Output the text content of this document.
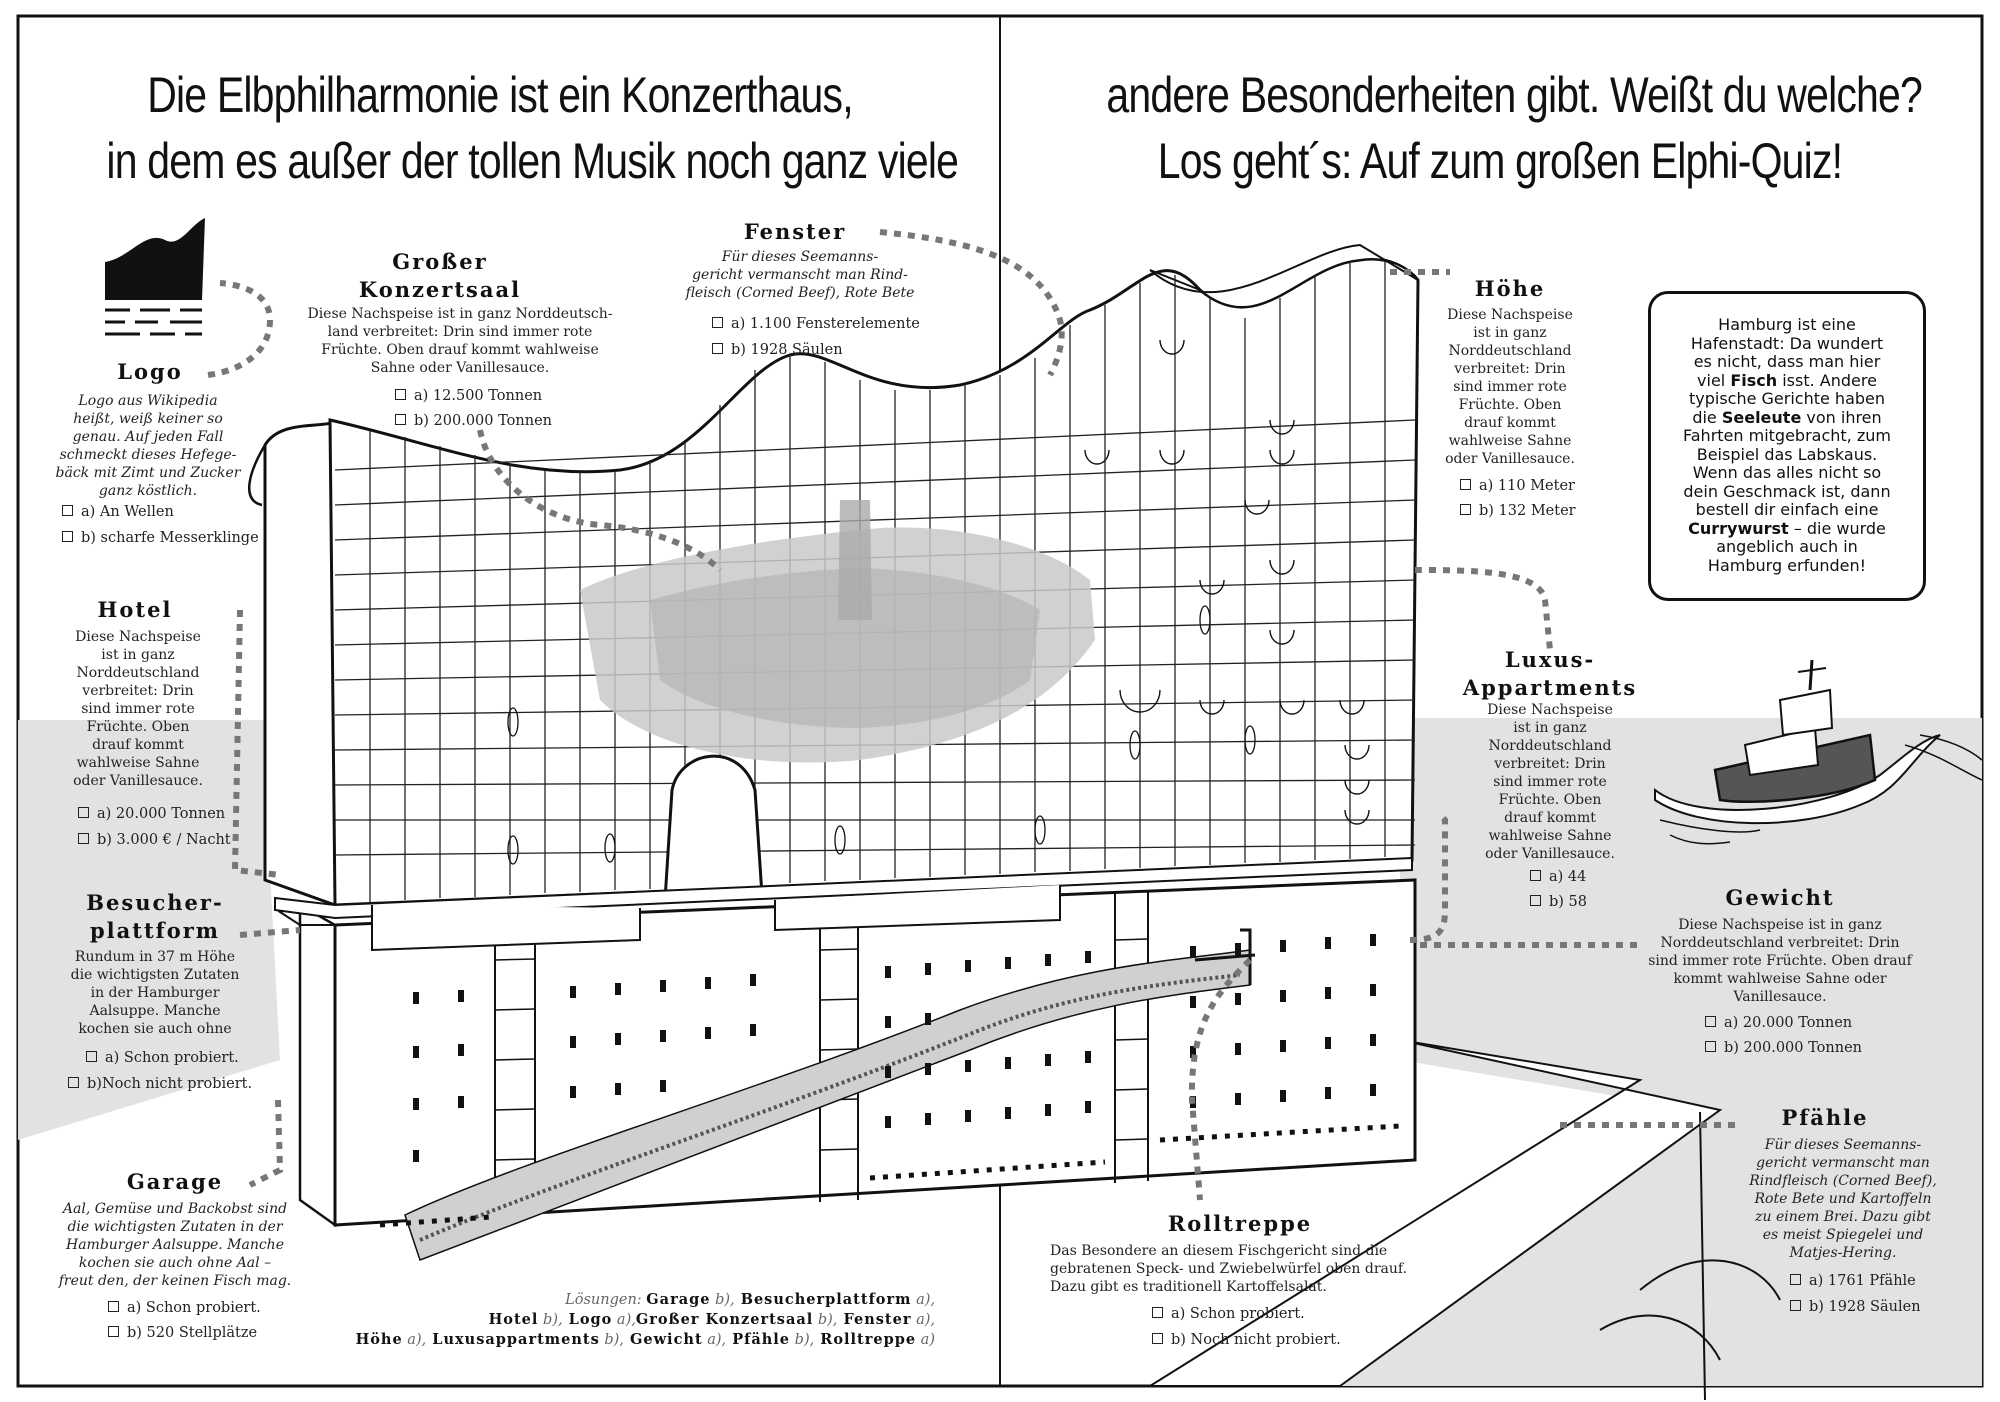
Die Elbphilharmonie ist ein Konzerthaus,
in dem es außer der tollen Musik noch ganz viele
andere Besonderheiten gibt. Weißt du welche?
Los geht´s: Auf zum großen Elphi-Quiz!
Logo
Logo aus Wikipedia
heißt, weiß keiner so
genau. Auf jeden Fall
schmeckt dieses Hefege-
bäck mit Zimt und Zucker
ganz köstlich.
a) An Wellen
b) scharfe Messerklinge
Großer
Konzertsaal
Diese Nachspeise ist in ganz Norddeutsch-
land verbreitet: Drin sind immer rote
Früchte. Oben drauf kommt wahlweise
Sahne oder Vanillesauce.
a) 12.500 Tonnen
b) 200.000 Tonnen
Fenster
Für dieses Seemanns-
gericht vermanscht man Rind-
fleisch (Corned Beef), Rote Bete
a) 1.100 Fensterelemente
b) 1928 Säulen
Höhe
Diese Nachspeise
ist in ganz
Norddeutschland
verbreitet: Drin
sind immer rote
Früchte. Oben
drauf kommt
wahlweise Sahne
oder Vanillesauce.
a) 110 Meter
b) 132 Meter
Hamburg ist eine
Hafenstadt: Da wundert
es nicht, dass man hier
viel Fisch isst. Andere
typische Gerichte haben
die Seeleute von ihren
Fahrten mitgebracht, zum
Beispiel das Labskaus.
Wenn das alles nicht so
dein Geschmack ist, dann
bestell dir einfach eine
Currywurst – die wurde
angeblich auch in
Hamburg erfunden!
Hotel
Diese Nachspeise
ist in ganz
Norddeutschland
verbreitet: Drin
sind immer rote
Früchte. Oben
drauf kommt
wahlweise Sahne
oder Vanillesauce.
a) 20.000 Tonnen
b) 3.000 € / Nacht
Luxus-
Appartments
Diese Nachspeise
ist in ganz
Norddeutschland
verbreitet: Drin
sind immer rote
Früchte. Oben
drauf kommt
wahlweise Sahne
oder Vanillesauce.
a) 44
b) 58
Besucher-
plattform
Rundum in 37 m Höhe
die wichtigsten Zutaten
in der Hamburger
Aalsuppe. Manche
kochen sie auch ohne
a) Schon probiert.
b)Noch nicht probiert.
Gewicht
Diese Nachspeise ist in ganz
Norddeutschland verbreitet: Drin
sind immer rote Früchte. Oben drauf
kommt wahlweise Sahne oder
Vanillesauce.
a) 20.000 Tonnen
b) 200.000 Tonnen
Pfähle
Für dieses Seemanns-
gericht vermanscht man
Rindfleisch (Corned Beef),
Rote Bete und Kartoffeln
zu einem Brei. Dazu gibt
es meist Spiegelei und
Matjes-Hering.
a) 1761 Pfähle
b) 1928 Säulen
Garage
Aal, Gemüse und Backobst sind
die wichtigsten Zutaten in der
Hamburger Aalsuppe. Manche
kochen sie auch ohne Aal –
freut den, der keinen Fisch mag.
a) Schon probiert.
b) 520 Stellplätze
Rolltreppe
Das Besondere an diesem Fischgericht sind die
gebratenen Speck- und Zwiebelwürfel oben drauf.
Dazu gibt es traditionell Kartoffelsalat.
a) Schon probiert.
b) Noch nicht probiert.
Lösungen: Garage b), Besucherplattform a),
Hotel b), Logo a),Großer Konzertsaal b), Fenster a),
Höhe a), Luxusappartments b), Gewicht a), Pfähle b), Rolltreppe a)
